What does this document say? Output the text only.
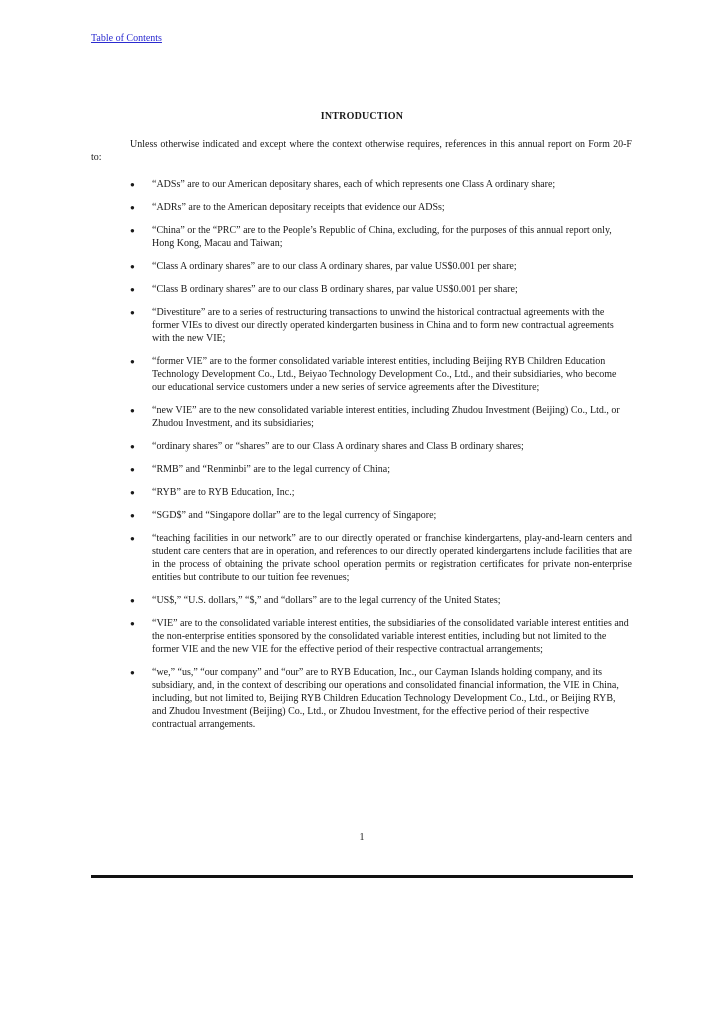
Table of Contents
INTRODUCTION

Unless otherwise indicated and except where the context otherwise requires, references in this annual report on Form 20-F to:

● “ADSs” are to our American depositary shares, each of which represents one Class A ordinary share;
● “ADRs” are to the American depositary receipts that evidence our ADSs;
● “China” or the “PRC” are to the People’s Republic of China, excluding, for the purposes of this annual report only, Hong Kong, Macau and Taiwan;
● “Class A ordinary shares” are to our class A ordinary shares, par value US$0.001 per share;
● “Class B ordinary shares” are to our class B ordinary shares, par value US$0.001 per share;
● “Divestiture” are to a series of restructuring transactions to unwind the historical contractual agreements with the former VIEs to divest our directly operated kindergarten business in China and to form new contractual agreements with the new VIE;
● “former VIE” are to the former consolidated variable interest entities, including Beijing RYB Children Education Technology Development Co., Ltd., Beiyao Technology Development Co., Ltd., and their subsidiaries, who become our educational service customers under a new series of service agreements after the Divestiture;
● “new VIE” are to the new consolidated variable interest entities, including Zhudou Investment (Beijing) Co., Ltd., or Zhudou Investment, and its subsidiaries;
● “ordinary shares” or “shares” are to our Class A ordinary shares and Class B ordinary shares;
● “RMB” and “Renminbi” are to the legal currency of China;
● “RYB” are to RYB Education, Inc.;
● “SGD$” and “Singapore dollar” are to the legal currency of Singapore;
● “teaching facilities in our network” are to our directly operated or franchise kindergartens, play-and-learn centers and student care centers that are in operation, and references to our directly operated kindergartens include facilities that are in the process of obtaining the private school operation permits or registration certificates for private non-enterprise entities but contribute to our tuition fee revenues;
● “US$,” “U.S. dollars,” “$,” and “dollars” are to the legal currency of the United States;
● “VIE” are to the consolidated variable interest entities, the subsidiaries of the consolidated variable interest entities and the non-enterprise entities sponsored by the consolidated variable interest entities, including but not limited to the former VIE and the new VIE for the effective period of their respective contractual arrangements;
● “we,” “us,” “our company” and “our” are to RYB Education, Inc., our Cayman Islands holding company, and its subsidiary, and, in the context of describing our operations and consolidated financial information, the VIE in China, including, but not limited to, Beijing RYB Children Education Technology Development Co., Ltd., or Beijing RYB, and Zhudou Investment (Beijing) Co., Ltd., or Zhudou Investment, for the effective period of their respective contractual arrangements.
1
